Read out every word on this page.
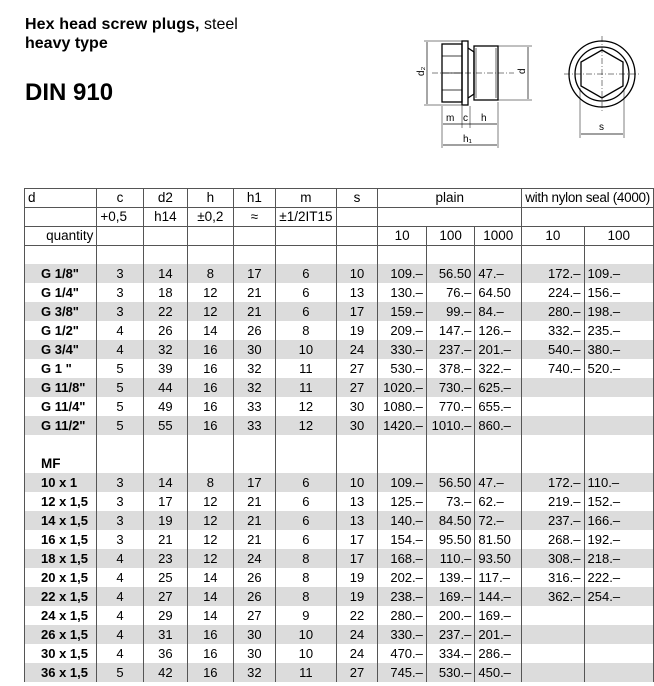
Hex head screw plugs, steel
heavy type
DIN 910
d₂	d
m c h
h₁
s
d	c	d2	h	h1	m	s	plain			with nylon seal (4000)	
	+0,5	h14	±0,2	≈	±1/2IT15						
quantity							10	100	1000	10	100

G 1/8"	3	14	8	17	6	10	109.–	56.50	47.–	172.–	109.–
G 1/4"	3	18	12	21	6	13	130.–	76.–	64.50	224.–	156.–
G 3/8"	3	22	12	21	6	17	159.–	99.–	84.–	280.–	198.–
G 1/2"	4	26	14	26	8	19	209.–	147.–	126.–	332.–	235.–
G 3/4"	4	32	16	30	10	24	330.–	237.–	201.–	540.–	380.–
G 1 "	5	39	16	32	11	27	530.–	378.–	322.–	740.–	520.–
G 11/8"	5	44	16	32	11	27	1020.–	730.–	625.–		
G 11/4"	5	49	16	33	12	30	1080.–	770.–	655.–		
G 11/2"	5	55	16	33	12	30	1420.–	1010.–	860.–		
MF											
10 x 1	3	14	8	17	6	10	109.–	56.50	47.–	172.–	110.–
12 x 1,5	3	17	12	21	6	13	125.–	73.–	62.–	219.–	152.–
14 x 1,5	3	19	12	21	6	13	140.–	84.50	72.–	237.–	166.–
16 x 1,5	3	21	12	21	6	17	154.–	95.50	81.50	268.–	192.–
18 x 1,5	4	23	12	24	8	17	168.–	110.–	93.50	308.–	218.–
20 x 1,5	4	25	14	26	8	19	202.–	139.–	117.–	316.–	222.–
22 x 1,5	4	27	14	26	8	19	238.–	169.–	144.–	362.–	254.–
24 x 1,5	4	29	14	27	9	22	280.–	200.–	169.–		
26 x 1,5	4	31	16	30	10	24	330.–	237.–	201.–		
30 x 1,5	4	36	16	30	10	24	470.–	334.–	286.–		
36 x 1,5	5	42	16	32	11	27	745.–	530.–	450.–		
